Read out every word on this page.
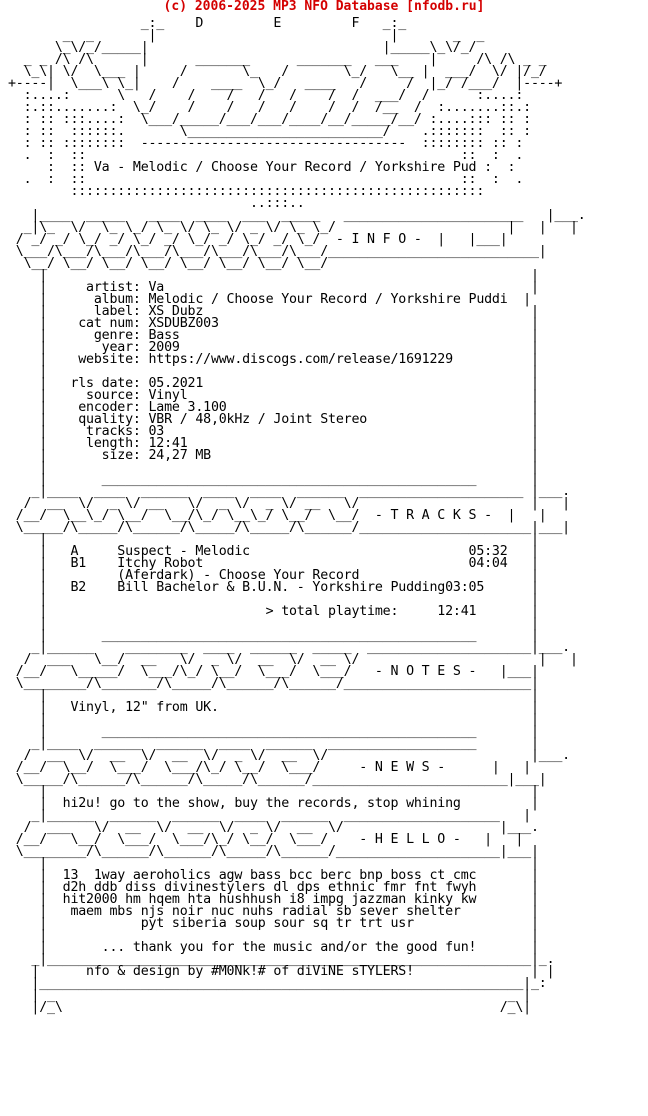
(c) 2006-2025 MP3 NFO Database [nfodb.ru]
_:_    D         E         F   _:_
_  _       |                              |       _  _
\_\/_/_____|                              |_____\_\/_/
_ _ /\ /\      |      _______      _______   ___    |     /\ /\ _ _
\_\| \/  \___ |     /       \_   /       \_/   \__ |  ___/  \/ |/_/
+----|  \___\ \_|    /    ____  \_/   ____   /     /  |_/ /___/  |----+
:....:      \   /    /    /   /   /    /  /  ___/  /      :....:
:.::.......:  \_/    /    /   /   /    /  /  /__  /  :.......::.:
: :: :::....:  \___/_____/___/___/____/__/_____/__/ :....::: :: :
: ::  ::::::.       \_________________________/    .:::::::  :: :
: :: ::::::::  ----------------------------------  :::::::: :: :
.  :  ::                                                ::  :  .
:  :: Va - Melodic / Choose Your Record / Yorkshire Pud :  :
.  :  ::                                                ::  :  .
:::::::::::::::::::::::::::::::::::::::::::::::::::::
..:::..
|____  _____   ____  ____  ___  _____   _______________________   |___.
_|\_  \/  \_ \_/ \_ \/ \_ \/ _ \/ \_ \_/                      |   |   |
/ _/ _/ \_/ _/ \_/ _/ \_/ _/ \_/ _/ \_/  - I N F O -  |   |___|
\___/\___/\___/\___/\___/\___/\___/\___/___________________________|
\__/ \__/ \__/ \__/ \__/ \__/ \__/ \__/
|                                                              |
|     artist: Va                                               |
|      album: Melodic / Choose Your Record / Yorkshire Puddi  |
|      label: XS Dubz                                          |
|    cat num: XSDUBZ003                                        |
|      genre: Bass                                             |
|       year: 2009                                             |
|    website: https://www.discogs.com/release/1691229          |
|                                                              |
|   rls date: 05.2021                                          |
|     source: Vinyl                                            |
|    encoder: Lame 3.100                                       |
|    quality: VBR / 48,0kHz / Joint Stereo                     |
|     tracks: 03                                               |
|     length: 12:41                                            |
|       size: 24,27 MB                                         |
|                                                              |
|       ________________________________________________       |
_|____  ____  ______  ____  ____  ______  _____________________ |___.
/  __  \/  _ \/ __   \/  _ \/  _ \/ __   \/                      |   |
/__/  \__\_/ \__/  \__/\_/ \__\_/ \__/  \__/  - T R A C K S -  |   |
\_____/\_____/\______/\_____/\_____/\______/______________________|___|
|                                                              |
|   A     Suspect - Melodic                            05:32   |
|   B1    Itchy Robot                                  04:04   |
|         (Aferdark) - Choose Your Record                      |
|   B2    Bill Bachelor & B.U.N. - Yorkshire Pudding03:05      |
|                                                              |
|                            > total playtime:     12:41       |
|                                                              |
|       ________________________________________________       |
_|______    ________  ____  ______  _____  _____________________|___.
/  ___   \__/  __   \/  _ \/  __  \/  __ \/                       |   |
/__/   \_____/  \___/\_/ \__/  \___/  \___/   - N O T E S -   |___|
\________/\_______/\_____/\______/\______/________________________|
|                                                              |
|   Vinyl, 12" from UK.                                        |
|                                                              |
|       ________________________________________________       |
_|____  ______  ______  ____  ______  ___________________       |
/  __  \/  __  \/  __  \/  _ \/  __  \/                          |___.
/__/  \__/  \___/  \___/\_/ \__/  \___/     - N E W S -      |   |
\_____/\______/\______/\_____/\______/_________________________|___|
|                                                              |
|  hi2u! go to the show, buy the records, stop whining         |
_|______  ______  ______  ____  ______  ____________________   |
/  ___   \/  __  \/  __  \/  _ \/  __  \/                    |___.
/__/   \__/  \___/  \___/\_/ \__/  \___/    - H E L L O -   |   |
\________/\______/\______/\_____/\______/_____________________|___|
|                                                              |
|  13  1way aeroholics agw bass bcc berc bnp boss ct cmc       |
|  d2h ddb diss divinestylers dl dps ethnic fmr fnt fwyh       |
|  hit2000 hm hqem hta hushhush i8 impg jazzman kinky kw       |
|   maem mbs njs noir nuc nuhs radial sb sever shelter         |
|            pyt siberia soup sour sq tr trt usr               |
|                                                              |
|       ... thank you for the music and/or the good fun!       |
_|______________________________________________________________|_.
|      nfo & design by #M0Nk!# of diViNE sTYLERS!               | |
|______________________________________________________________|_:
| _                                                          _ |
|/_\                                                        /_\|
